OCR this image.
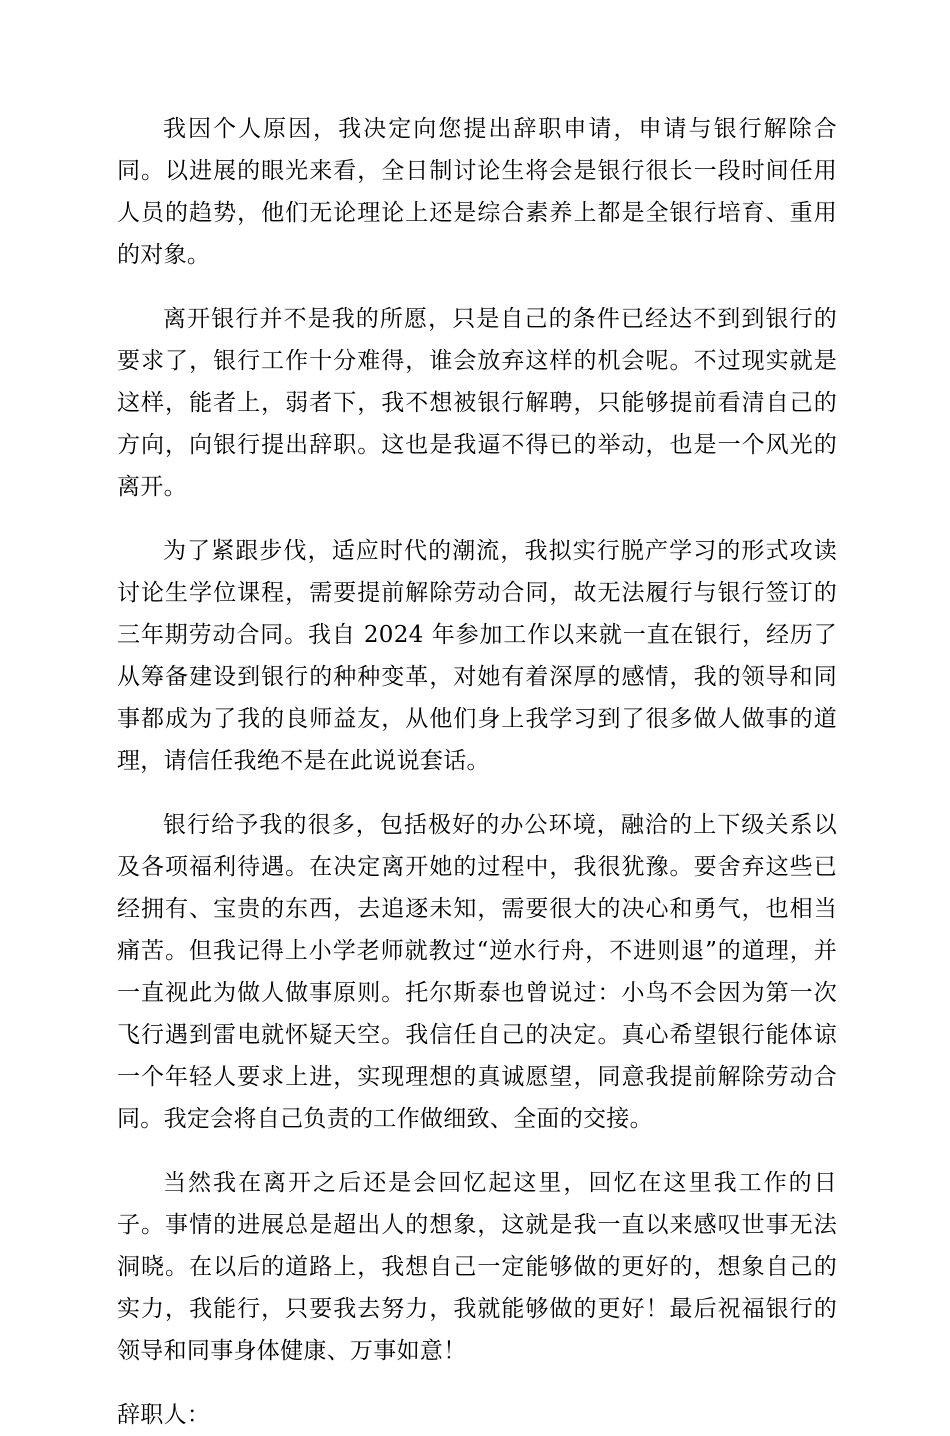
我因个人原因，我决定向您提出辞职申请，申请与银行解除合同。以进展的眼光来看，全日制讨论生将会是银行很长一段时间任用人员的趋势，他们无论理论上还是综合素养上都是全银行培育、重用的对象。

离开银行并不是我的所愿，只是自己的条件已经达不到到银行的要求了，银行工作十分难得，谁会放弃这样的机会呢。不过现实就是这样，能者上，弱者下，我不想被银行解聘，只能够提前看清自己的方向，向银行提出辞职。这也是我逼不得已的举动，也是一个风光的离开。

为了紧跟步伐，适应时代的潮流，我拟实行脱产学习的形式攻读讨论生学位课程，需要提前解除劳动合同，故无法履行与银行签订的三年期劳动合同。我自 2024 年参加工作以来就一直在银行，经历了从筹备建设到银行的种种变革，对她有着深厚的感情，我的领导和同事都成为了我的良师益友，从他们身上我学习到了很多做人做事的道理，请信任我绝不是在此说说套话。

银行给予我的很多，包括极好的办公环境，融洽的上下级关系以及各项福利待遇。在决定离开她的过程中，我很犹豫。要舍弃这些已经拥有、宝贵的东西，去追逐未知，需要很大的决心和勇气，也相当痛苦。但我记得上小学老师就教过“逆水行舟，不进则退”的道理，并一直视此为做人做事原则。托尔斯泰也曾说过：小鸟不会因为第一次飞行遇到雷电就怀疑天空。我信任自己的决定。真心希望银行能体谅一个年轻人要求上进，实现理想的真诚愿望，同意我提前解除劳动合同。我定会将自己负责的工作做细致、全面的交接。

当然我在离开之后还是会回忆起这里，回忆在这里我工作的日子。事情的进展总是超出人的想象，这就是我一直以来感叹世事无法洞晓。在以后的道路上，我想自己一定能够做的更好的，想象自己的实力，我能行，只要我去努力，我就能够做的更好！最后祝福银行的领导和同事身体健康、万事如意！

辞职人：
